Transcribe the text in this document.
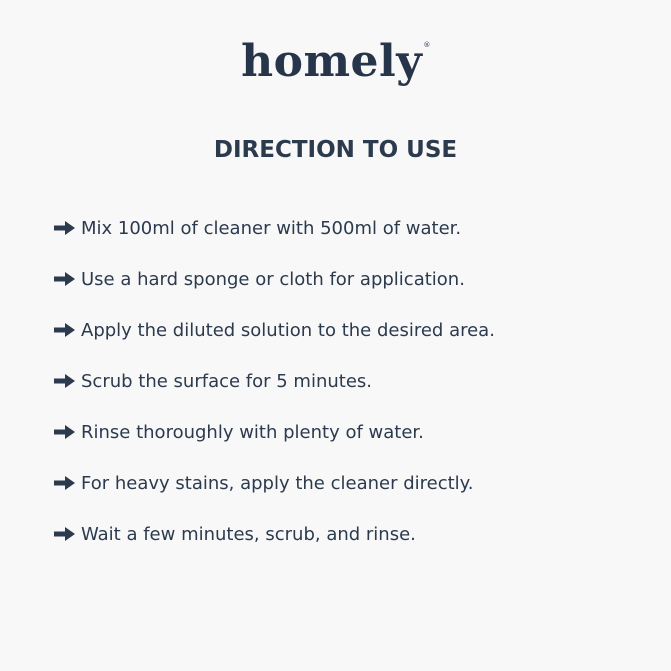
homely®
DIRECTION TO USE
Mix 100ml of cleaner with 500ml of water.
Use a hard sponge or cloth for application.
Apply the diluted solution to the desired area.
Scrub the surface for 5 minutes.
Rinse thoroughly with plenty of water.
For heavy stains, apply the cleaner directly.
Wait a few minutes, scrub, and rinse.
